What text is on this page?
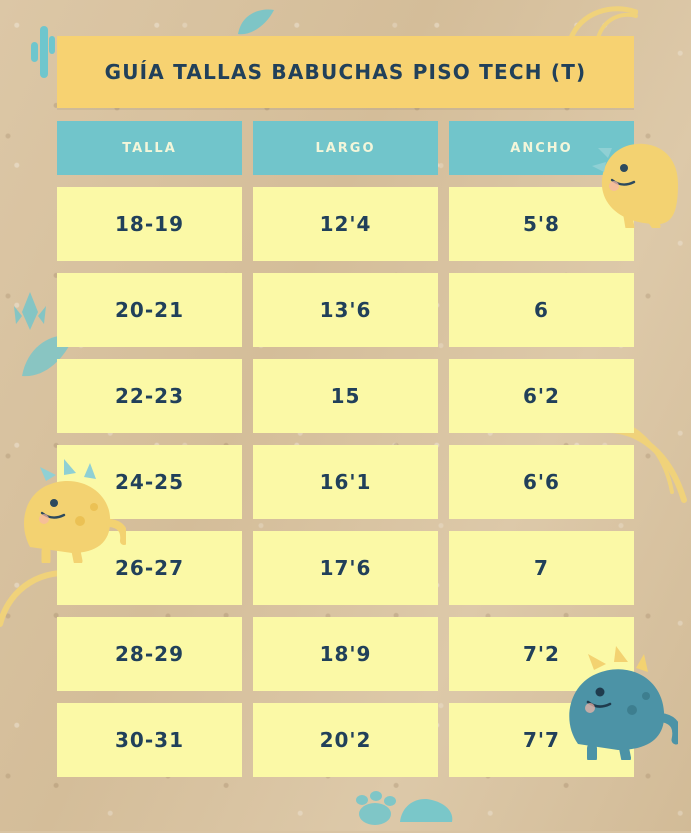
GUÍA TALLAS BABUCHAS PISO TECH (T)
TALLA	LARGO	ANCHO
18-19	12'4	5'8
20-21	13'6	6
22-23	15	6'2
24-25	16'1	6'6
26-27	17'6	7
28-29	18'9	7'2
30-31	20'2	7'7
